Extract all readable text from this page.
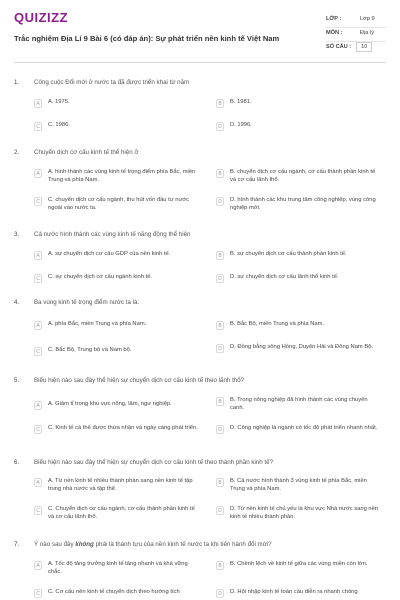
QUIZIZZ
Trắc nghiệm Địa Lí 9 Bài 6 (có đáp án): Sự phát triển nền kinh tế Việt Nam
LỚP :	Lớp 9
MÔN :	Địa lý
SỐ CÂU :	10
1. Công cuộc Đổi mới ở nước ta đã được triển khai từ năm
A	A. 1975.	B	B. 1981.
C	C. 1986.	D	D. 1996.
2. Chuyển dịch cơ cấu kinh tế thể hiện ở
A	A. hình thành các vùng kinh tế trọng điểm phía Bắc, miền Trung và phía Nam.
B	B. chuyển dịch cơ cấu ngành, cơ cấu thành phần kinh tế và cơ cấu lãnh thổ.
C	C. chuyển dịch cơ cấu ngành, thu hút vốn đầu tư nước ngoài vào nước ta.
D	D. hình thành các khu trung tâm công nghiệp, vùng công nghiệp mới.
3. Cả nước hình thành các vùng kinh tế năng động thể hiện
A	A. sự chuyển dịch cơ cấu GDP của nền kinh tế.	B	B. sự chuyển dịch cơ cấu thành phần kinh tế.
C	C. sự chuyển dịch cơ cấu ngành kinh tế.	D	D. sự chuyển dịch cơ cấu lãnh thổ kinh tế.
4. Ba vùng kinh tế trọng điểm nước ta là:
A	A. phía Bắc, miền Trung và phía Nam.	B	B. Bắc Bộ, miền Trung và phía Nam.
C	C. Bắc Bộ, Trung bộ và Nam bộ.	D	D. Đồng bằng sông Hồng, Duyên Hải và Đông Nam Bộ.
5. Biểu hiện nào sau đây thể hiện sự chuyển dịch cơ cấu kinh tế theo lãnh thổ?
A	A. Giảm tỉ trọng khu vực nông, lâm, ngư nghiệp.	B	B. Trong nông nghiệp đã hình thành các vùng chuyên canh.
C	C. Kinh tế cá thể được thừa nhận và ngày càng phát triển.	D	D. Công nghiệp là ngành có tốc độ phát triển nhanh nhất.
6. Biểu hiện nào sau đây thể hiện sự chuyển dịch cơ cấu kinh tế theo thành phần kinh tế?
A	A. Từ nền kinh tế nhiều thành phần sang nền kinh tế tập trung nhà nước và tập thể.
B	B. Cả nước hình thành 3 vùng kinh tế phía Bắc, miền Trung và phía Nam.
C	C. Chuyển dịch cơ cấu ngành, cơ cấu thành phần kinh tế và cơ cấu lãnh thổ.
D	D. Từ nền kinh tế chủ yếu là khu vực Nhà nước sang nền kinh tế nhiều thành phần.
7. Ý nào sau đây không phải là thành tựu của nền kinh tế nước ta khi tiến hành đổi mới?
A	A. Tốc độ tăng trưởng kinh tế tăng nhanh và khá vững chắc.
B	B. Chênh lệch về kinh tế giữa các vùng miền còn lớn.
C	C. Cơ cấu nền kinh tế chuyển dịch theo hướng tích	D	D. Hội nhập kinh tế toàn cầu diễn ra nhanh chóng
